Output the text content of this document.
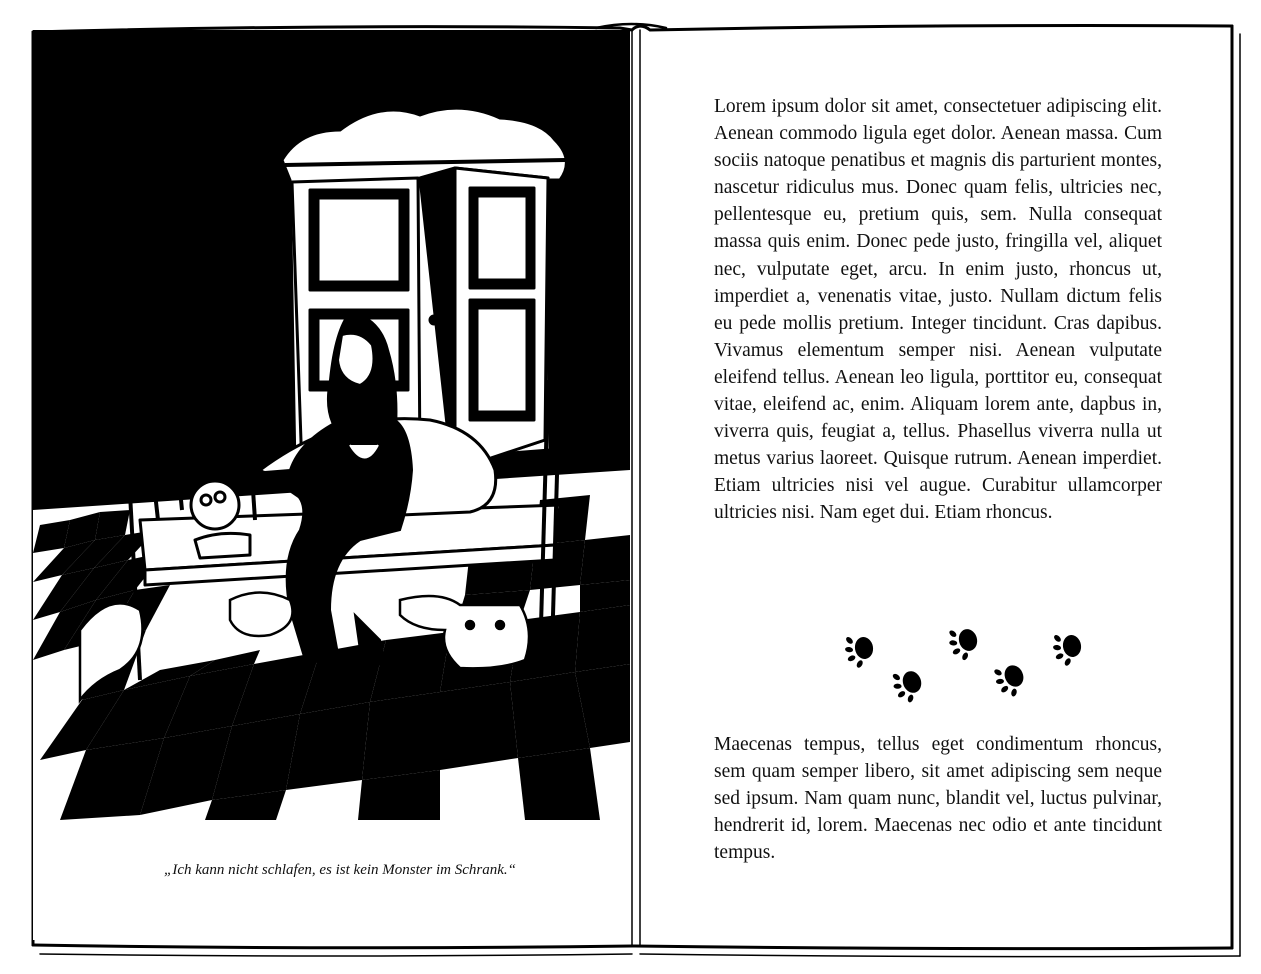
„Ich kann nicht schlafen, es ist kein Monster im Schrank.“

Lorem ipsum dolor sit amet, consectetuer adipiscing elit. Aenean commodo ligula eget dolor. Aenean massa. Cum sociis natoque penatibus et magnis dis parturient montes, nascetur ridiculus mus. Donec quam felis, ultricies nec, pellentesque eu, pretium quis, sem. Nulla consequat massa quis enim. Donec pede justo, fringilla vel, aliquet nec, vulputate eget, arcu. In enim justo, rhoncus ut, imperdiet a, venenatis vitae, justo. Nullam dictum felis eu pede mollis pretium. Integer tincidunt. Cras dapibus. Vivamus elementum semper nisi. Aenean vulputate eleifend tellus. Aenean leo ligula, porttitor eu, consequat vitae, eleifend ac, enim. Aliquam lorem ante, dapbus in, viverra quis, feugiat a, tellus. Phasellus viverra nulla ut metus varius laoreet. Quisque rutrum. Aenean imperdiet. Etiam ultricies nisi vel augue. Curabitur ullamcorper ultricies nisi. Nam eget dui. Etiam rhoncus.

Maecenas tempus, tellus eget condimentum rhoncus, sem quam semper libero, sit amet adipiscing sem neque sed ipsum. Nam quam nunc, blandit vel, luctus pulvinar, hendrerit id, lorem. Maecenas nec odio et ante tincidunt tempus.
